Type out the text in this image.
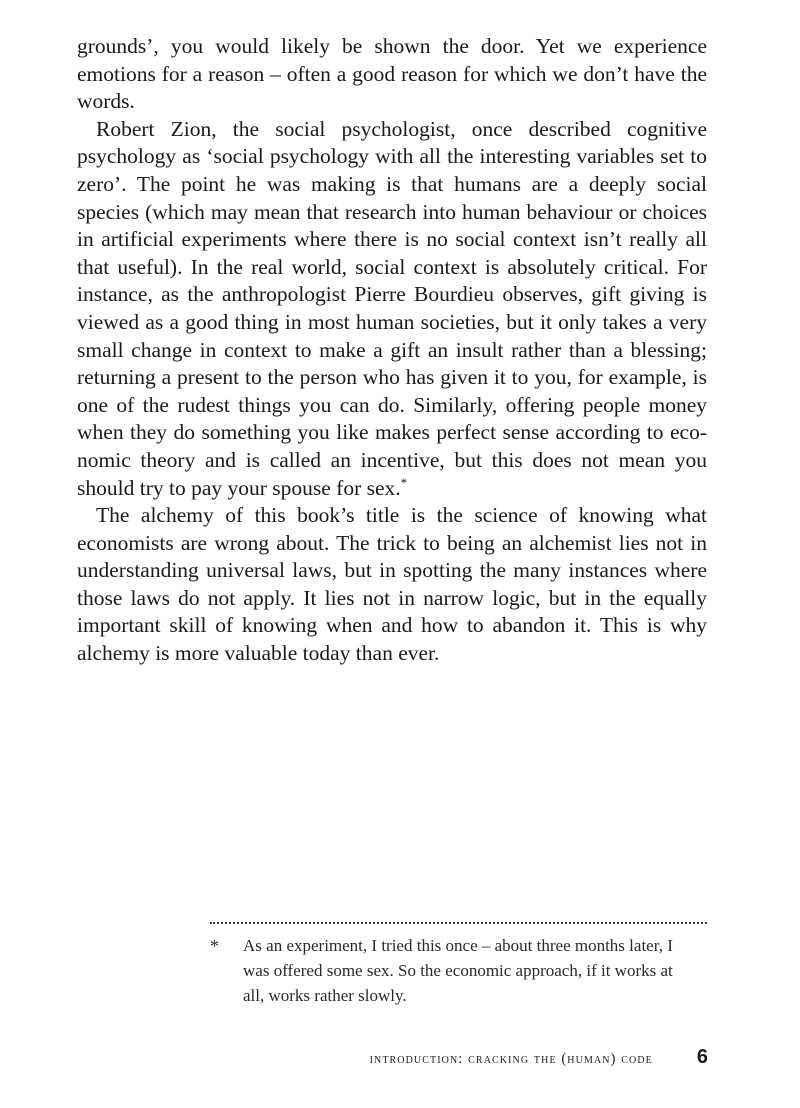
grounds’, you would likely be shown the door. Yet we experience emotions for a reason – often a good reason for which we don’t have the words.

Robert Zion, the social psychologist, once described cognitive psychology as ‘social psychology with all the interesting variables set to zero’. The point he was making is that humans are a deeply social species (which may mean that research into human behaviour or choices in artificial experiments where there is no social context isn’t really all that useful). In the real world, social context is absolutely critical. For instance, as the anthropologist Pierre Bourdieu observes, gift giving is viewed as a good thing in most human societies, but it only takes a very small change in context to make a gift an insult rather than a blessing; returning a present to the person who has given it to you, for example, is one of the rudest things you can do. Similarly, offering people money when they do something you like makes perfect sense according to economic theory and is called an incentive, but this does not mean you should try to pay your spouse for sex.*

The alchemy of this book’s title is the science of knowing what economists are wrong about. The trick to being an alchemist lies not in understanding universal laws, but in spotting the many instances where those laws do not apply. It lies not in narrow logic, but in the equally important skill of knowing when and how to abandon it. This is why alchemy is more valuable today than ever.

* As an experiment, I tried this once – about three months later, I was offered some sex. So the economic approach, if it works at all, works rather slowly.
introduction: cracking the (human) code 6
